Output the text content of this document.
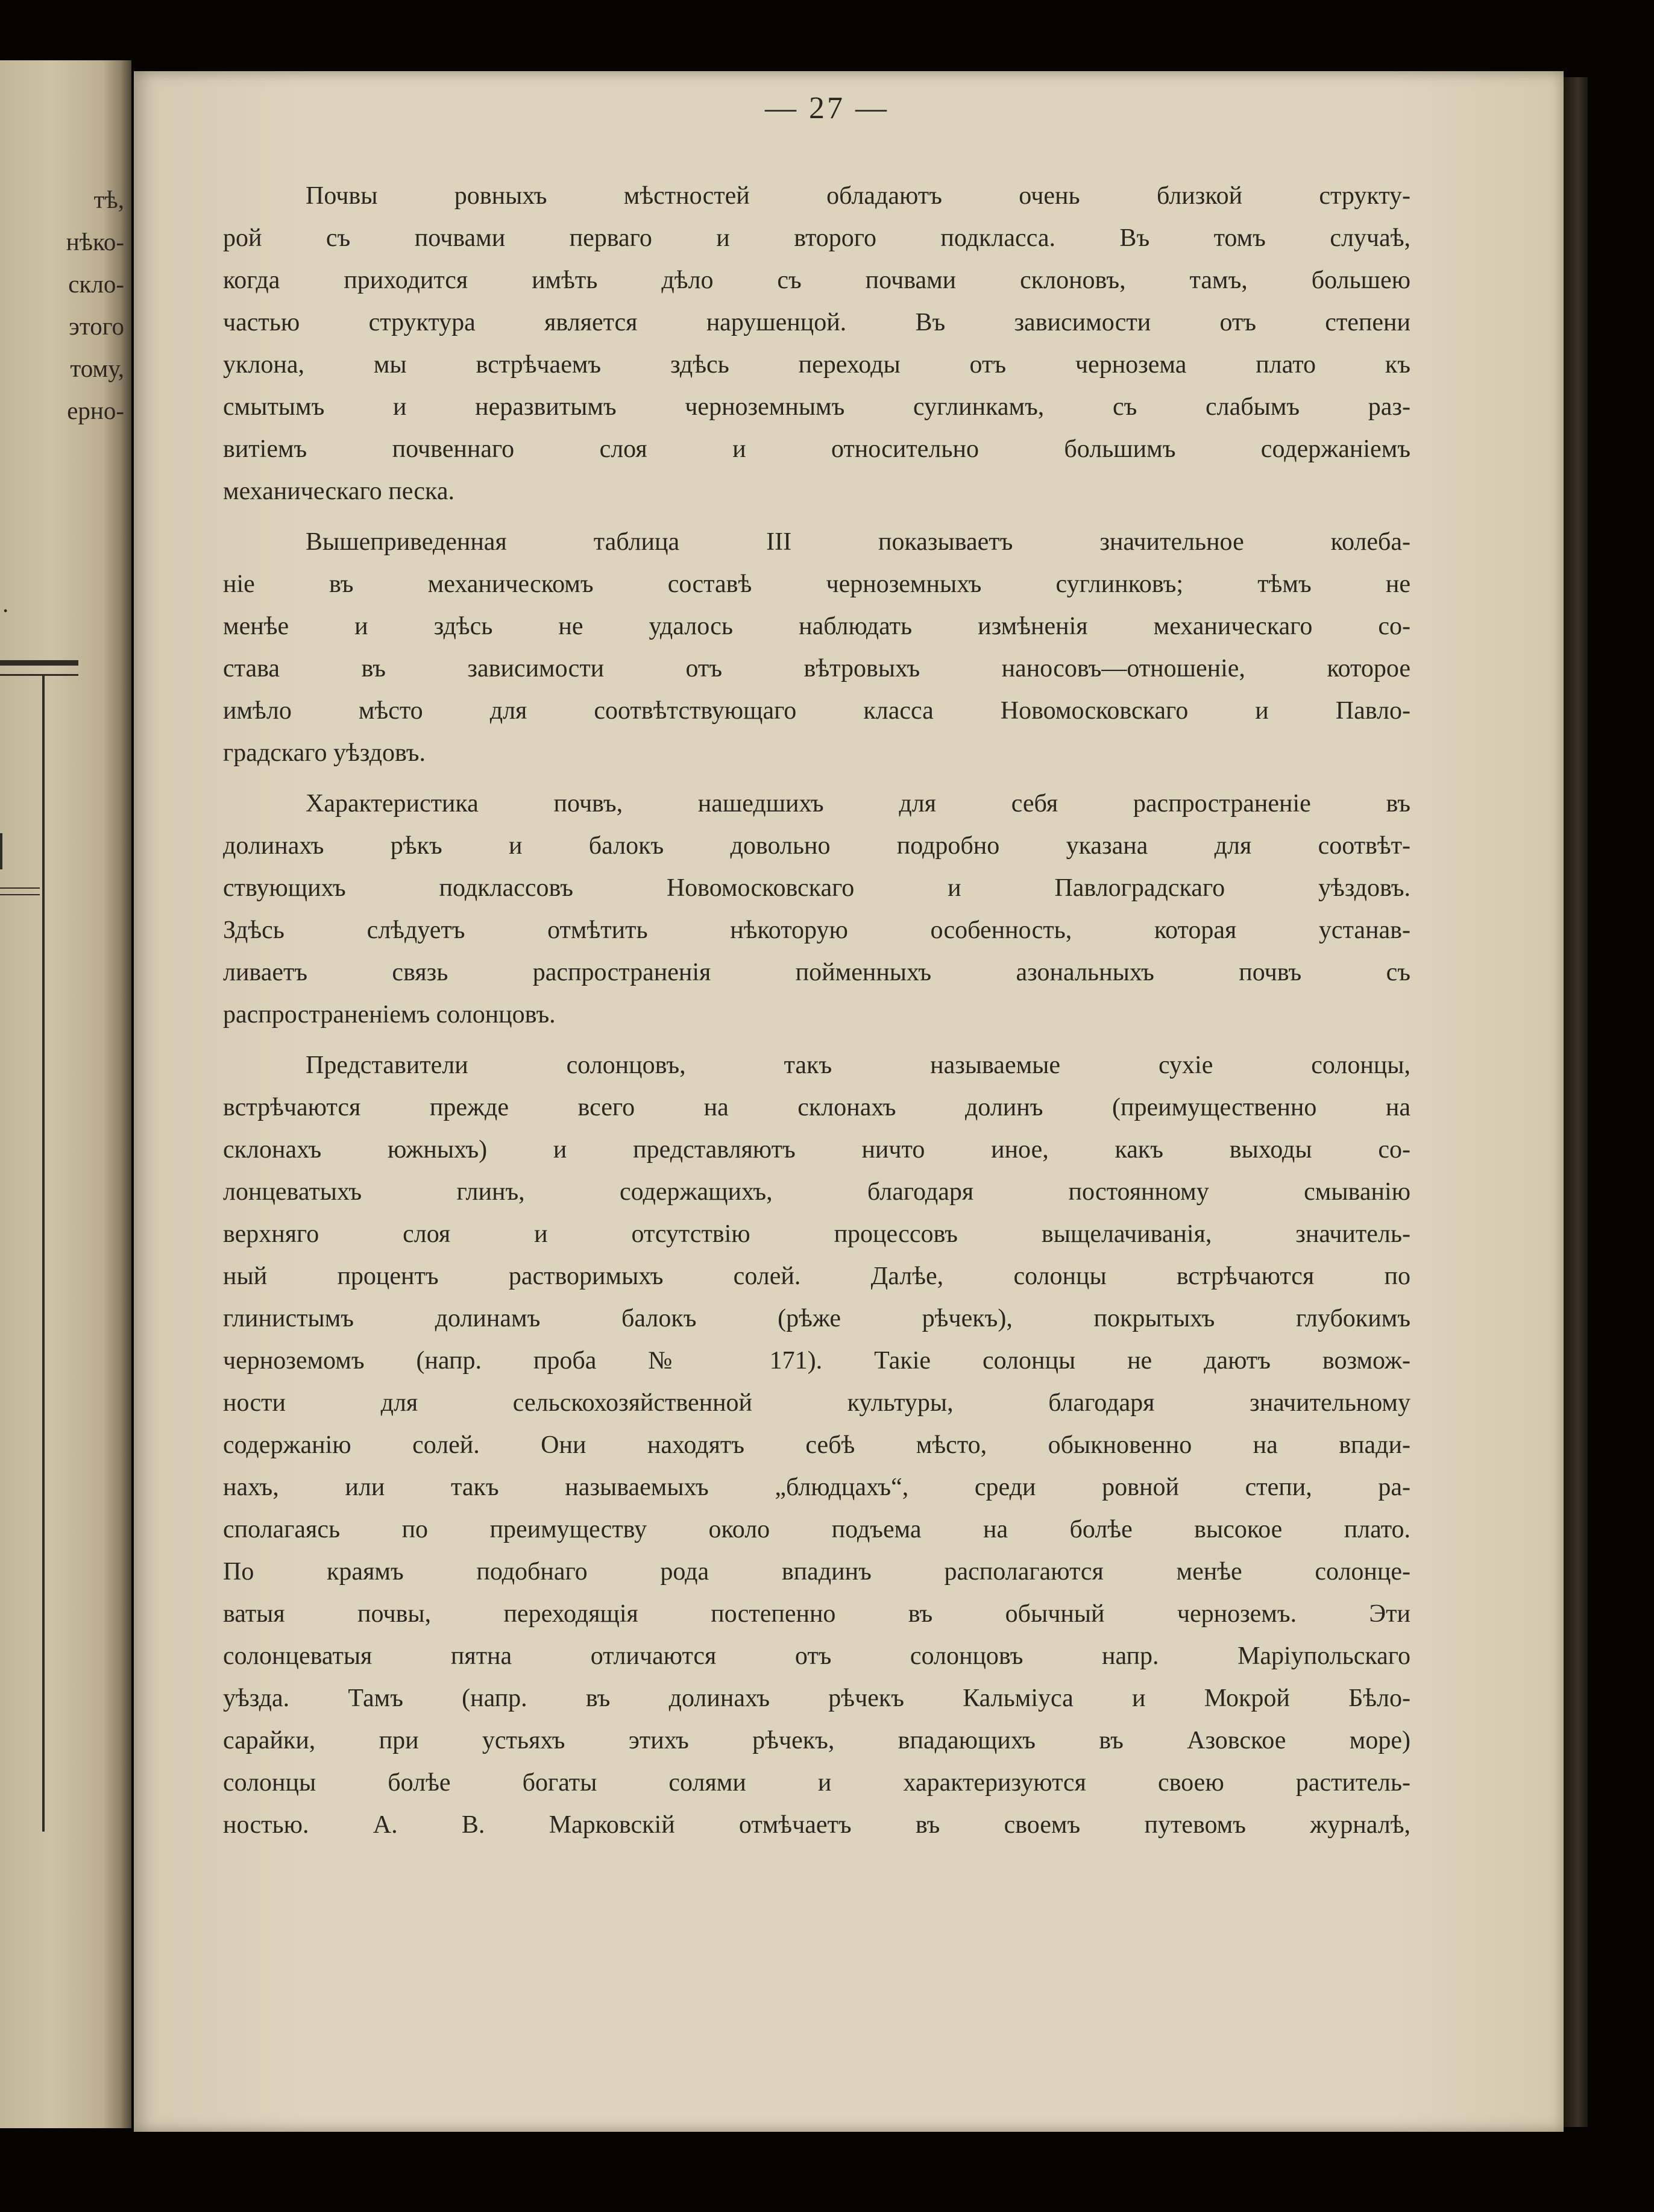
тѣ,
нѣко-
скло-
этого
тому,
ерно-
.
— 27 —
Почвы ровныхъ мѣстностей обладаютъ очень близкой структу-
рой съ почвами перваго и второго подкласса. Въ томъ случаѣ,
когда приходится имѣть дѣло съ почвами склоновъ, тамъ, большею
частью структура является нарушенцой. Въ зависимости отъ степени
уклона, мы встрѣчаемъ здѣсь переходы отъ чернозема плато къ
смытымъ и неразвитымъ черноземнымъ суглинкамъ, съ слабымъ раз-
витiемъ почвеннаго слоя и относительно большимъ содержанiемъ
механическаго песка.
Вышеприведенная таблица III показываетъ значительное колеба-
нiе въ механическомъ составѣ черноземныхъ суглинковъ; тѣмъ не
менѣе и здѣсь не удалось наблюдать измѣненiя механическаго со-
става въ зависимости отъ вѣтровыхъ наносовъ—отношенiе, которое
имѣло мѣсто для соотвѣтствующаго класса Новомосковскаго и Павло-
градскаго уѣздовъ.
Характеристика почвъ, нашедшихъ для себя распространенiе въ
долинахъ рѣкъ и балокъ довольно подробно указана для соотвѣт-
ствующихъ подклассовъ Новомосковскаго и Павлоградскаго уѣздовъ.
Здѣсь слѣдуетъ отмѣтить нѣкоторую особенность, которая устанав-
ливаетъ связь распространенiя пойменныхъ азональныхъ почвъ съ
распространенiемъ солонцовъ.
Представители солонцовъ, такъ называемые сухiе солонцы,
встрѣчаются прежде всего на склонахъ долинъ (преимущественно на
склонахъ южныхъ) и представляютъ ничто иное, какъ выходы со-
лонцеватыхъ глинъ, содержащихъ, благодаря постоянному смыванiю
верхняго слоя и отсутствiю процессовъ выщелачиванiя, значитель-
ный процентъ растворимыхъ солей. Далѣе, солонцы встрѣчаются по
глинистымъ долинамъ балокъ (рѣже рѣчекъ), покрытыхъ глубокимъ
черноземомъ (напр. проба № 171). Такiе солонцы не даютъ возмож-
ности для сельскохозяйственной культуры, благодаря значительному
содержанiю солей. Они находятъ себѣ мѣсто, обыкновенно на впади-
нахъ, или такъ называемыхъ „блюдцахъ“, среди ровной степи, ра-
сполагаясь по преимуществу около подъема на болѣе высокое плато.
По краямъ подобнаго рода впадинъ располагаются менѣе солонце-
ватыя почвы, переходящiя постепенно въ обычный черноземъ. Эти
солонцеватыя пятна отличаются отъ солонцовъ напр. Марiупольскаго
уѣзда. Тамъ (напр. въ долинахъ рѣчекъ Кальмiуса и Мокрой Бѣло-
сарайки, при устьяхъ этихъ рѣчекъ, впадающихъ въ Азовское море)
солонцы болѣе богаты солями и характеризуются своею раститель-
ностью. А. В. Марковскiй отмѣчаетъ въ своемъ путевомъ журналѣ,
